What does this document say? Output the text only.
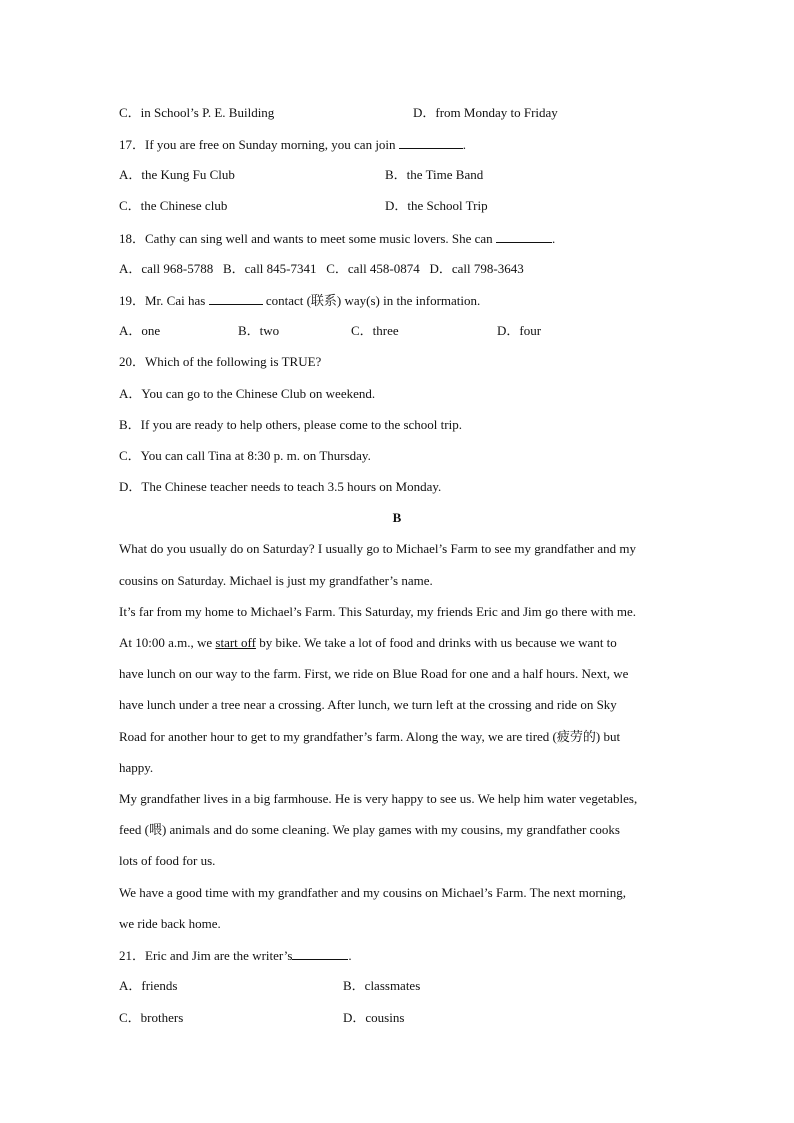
C．in School’s P. E. Building	D．from Monday to Friday
17．If you are free on Sunday morning, you can join	.
A．the Kung Fu Club	B．the Time Band
C．the Chinese club	D．the School Trip
18．Cathy can sing well and wants to meet some music lovers. She can	.
A．call 968-5788   B．call 845-7341   C．call 458-0874   D．call 798-3643
19．Mr. Cai has	contact (联系) way(s) in the information.
A．one	B．two	C．three	D．four
20．Which of the following is TRUE?
A．You can go to the Chinese Club on weekend.
B．If you are ready to help others, please come to the school trip.
C．You can call Tina at 8:30 p. m. on Thursday.
D．The Chinese teacher needs to teach 3.5 hours on Monday.
B
What do you usually do on Saturday? I usually go to Michael’s Farm to see my grandfather and my
cousins on Saturday. Michael is just my grandfather’s name.
It’s far from my home to Michael’s Farm. This Saturday, my friends Eric and Jim go there with me.
At 10:00 a.m., we start off by bike. We take a lot of food and drinks with us because we want to
have lunch on our way to the farm. First, we ride on Blue Road for one and a half hours. Next, we
have lunch under a tree near a crossing. After lunch, we turn left at the crossing and ride on Sky
Road for another hour to get to my grandfather’s farm. Along the way, we are tired (疲劳的) but
happy.
My grandfather lives in a big farmhouse. He is very happy to see us. We help him water vegetables,
feed (喂) animals and do some cleaning. We play games with my cousins, my grandfather cooks
lots of food for us.
We have a good time with my grandfather and my cousins on Michael’s Farm. The next morning,
we ride back home.
21．Eric and Jim are the writer’s	.
A．friends	B．classmates
C．brothers	D．cousins
